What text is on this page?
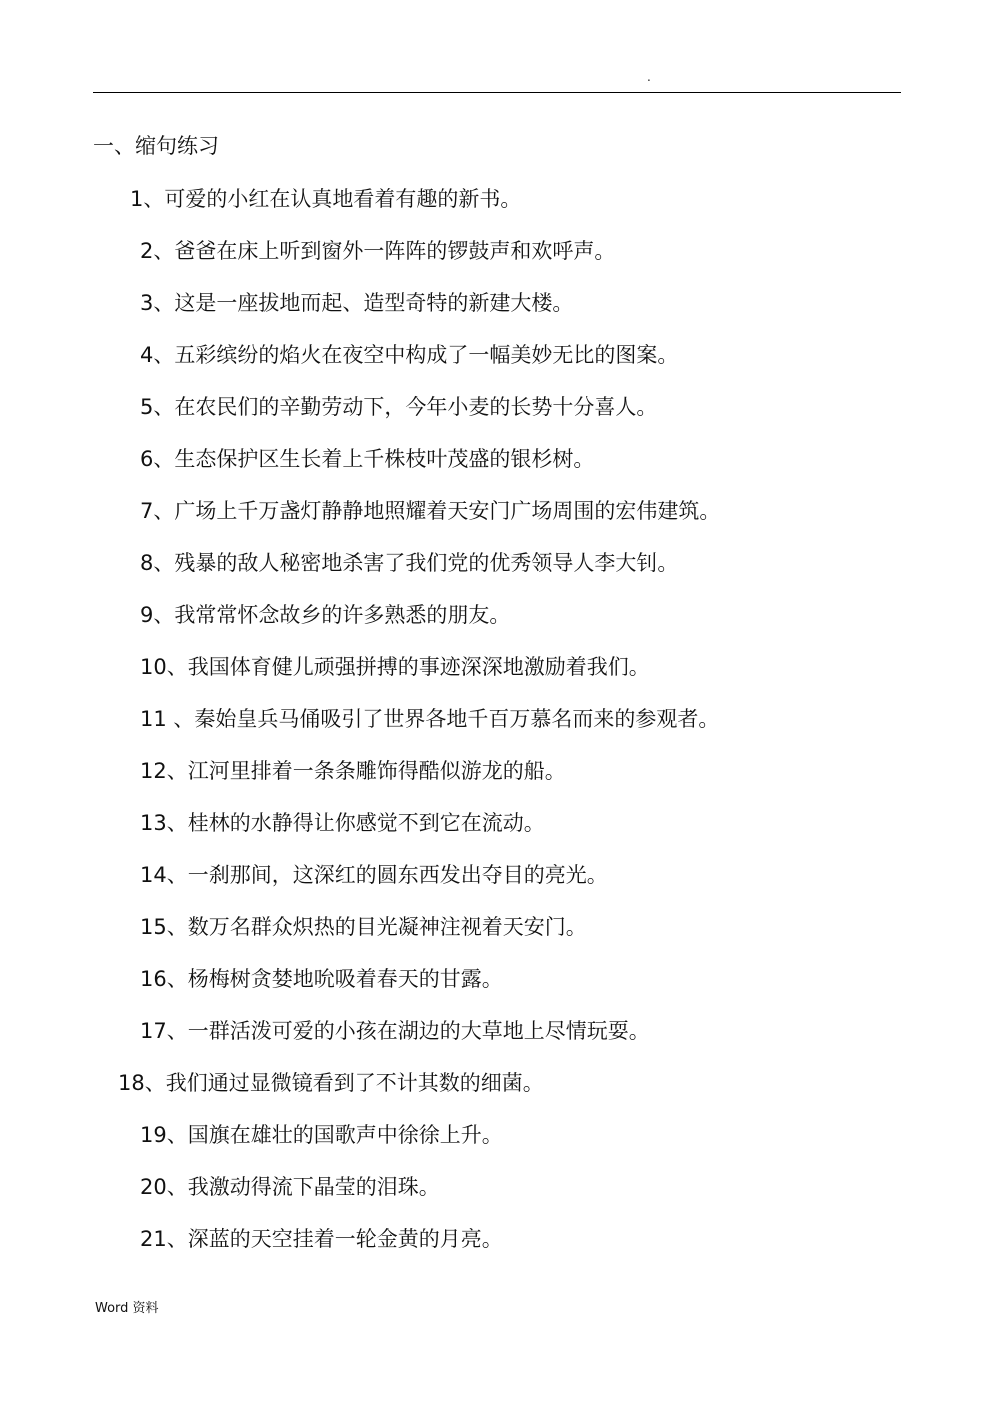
.
一、缩句练习
1、可爱的小红在认真地看着有趣的新书。
2、爸爸在床上听到窗外一阵阵的锣鼓声和欢呼声。
3、这是一座拔地而起、造型奇特的新建大楼。
4、五彩缤纷的焰火在夜空中构成了一幅美妙无比的图案。
5、在农民们的辛勤劳动下，今年小麦的长势十分喜人。
6、生态保护区生长着上千株枝叶茂盛的银杉树。
7、广场上千万盏灯静静地照耀着天安门广场周围的宏伟建筑。
8、残暴的敌人秘密地杀害了我们党的优秀领导人李大钊。
9、我常常怀念故乡的许多熟悉的朋友。
10、我国体育健儿顽强拼搏的事迹深深地激励着我们。
11 、秦始皇兵马俑吸引了世界各地千百万慕名而来的参观者。
12、江河里排着一条条雕饰得酷似游龙的船。
13、桂林的水静得让你感觉不到它在流动。
14、一刹那间，这深红的圆东西发出夺目的亮光。
15、数万名群众炽热的目光凝神注视着天安门。
16、杨梅树贪婪地吮吸着春天的甘露。
17、一群活泼可爱的小孩在湖边的大草地上尽情玩耍。
18、我们通过显微镜看到了不计其数的细菌。
19、国旗在雄壮的国歌声中徐徐上升。
20、我激动得流下晶莹的泪珠。
21、深蓝的天空挂着一轮金黄的月亮。
Word 资料
